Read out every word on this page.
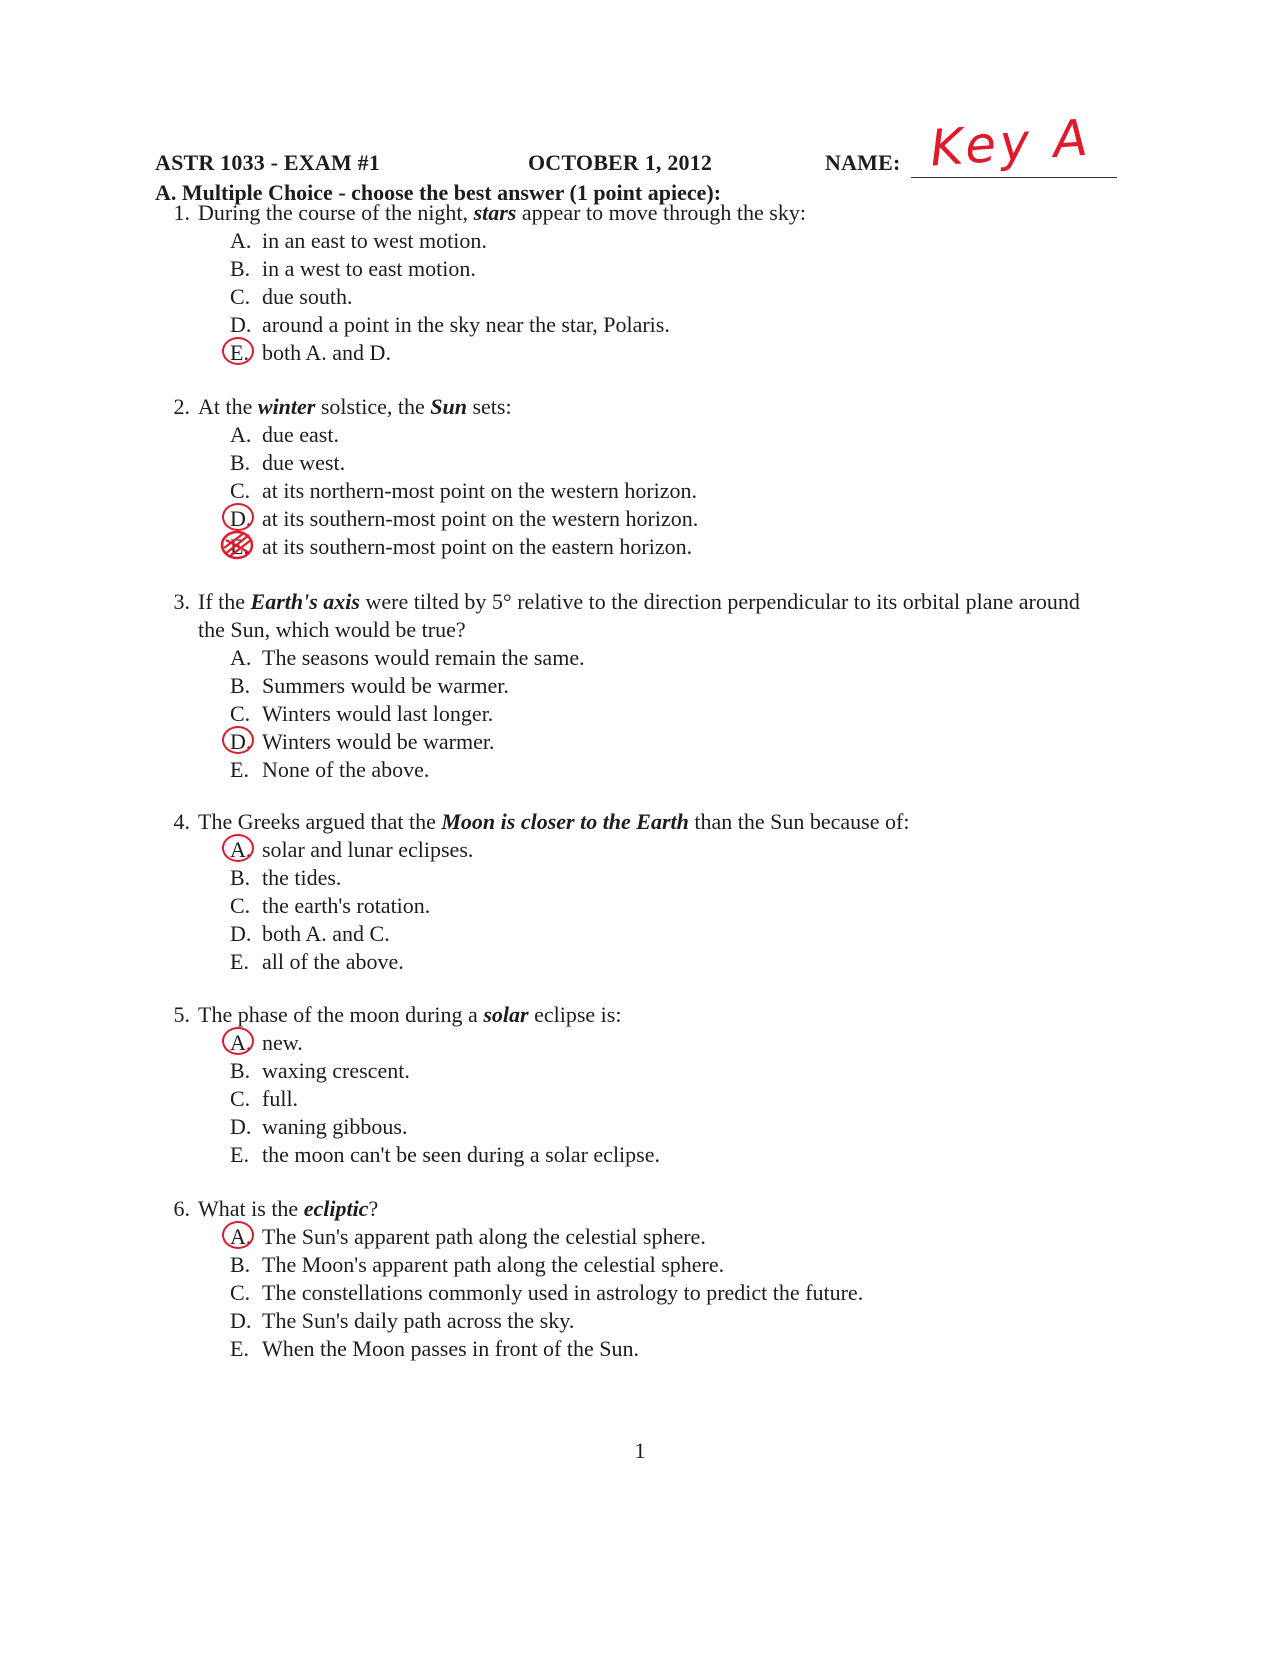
ASTR 1033 - EXAM #1	OCTOBER 1, 2012	NAME: Key A
A. Multiple Choice - choose the best answer (1 point apiece):
1. During the course of the night, stars appear to move through the sky:
A. in an east to west motion.
B. in a west to east motion.
C. due south.
D. around a point in the sky near the star, Polaris.
E. both A. and D.
2. At the winter solstice, the Sun sets:
A. due east.
B. due west.
C. at its northern-most point on the western horizon.
D. at its southern-most point on the western horizon.
E. at its southern-most point on the eastern horizon.
3. If the Earth's axis were tilted by 5° relative to the direction perpendicular to its orbital plane around the Sun, which would be true?
A. The seasons would remain the same.
B. Summers would be warmer.
C. Winters would last longer.
D. Winters would be warmer.
E. None of the above.
4. The Greeks argued that the Moon is closer to the Earth than the Sun because of:
A. solar and lunar eclipses.
B. the tides.
C. the earth's rotation.
D. both A. and C.
E. all of the above.
5. The phase of the moon during a solar eclipse is:
A. new.
B. waxing crescent.
C. full.
D. waning gibbous.
E. the moon can't be seen during a solar eclipse.
6. What is the ecliptic?
A. The Sun's apparent path along the celestial sphere.
B. The Moon's apparent path along the celestial sphere.
C. The constellations commonly used in astrology to predict the future.
D. The Sun's daily path across the sky.
E. When the Moon passes in front of the Sun.
1
